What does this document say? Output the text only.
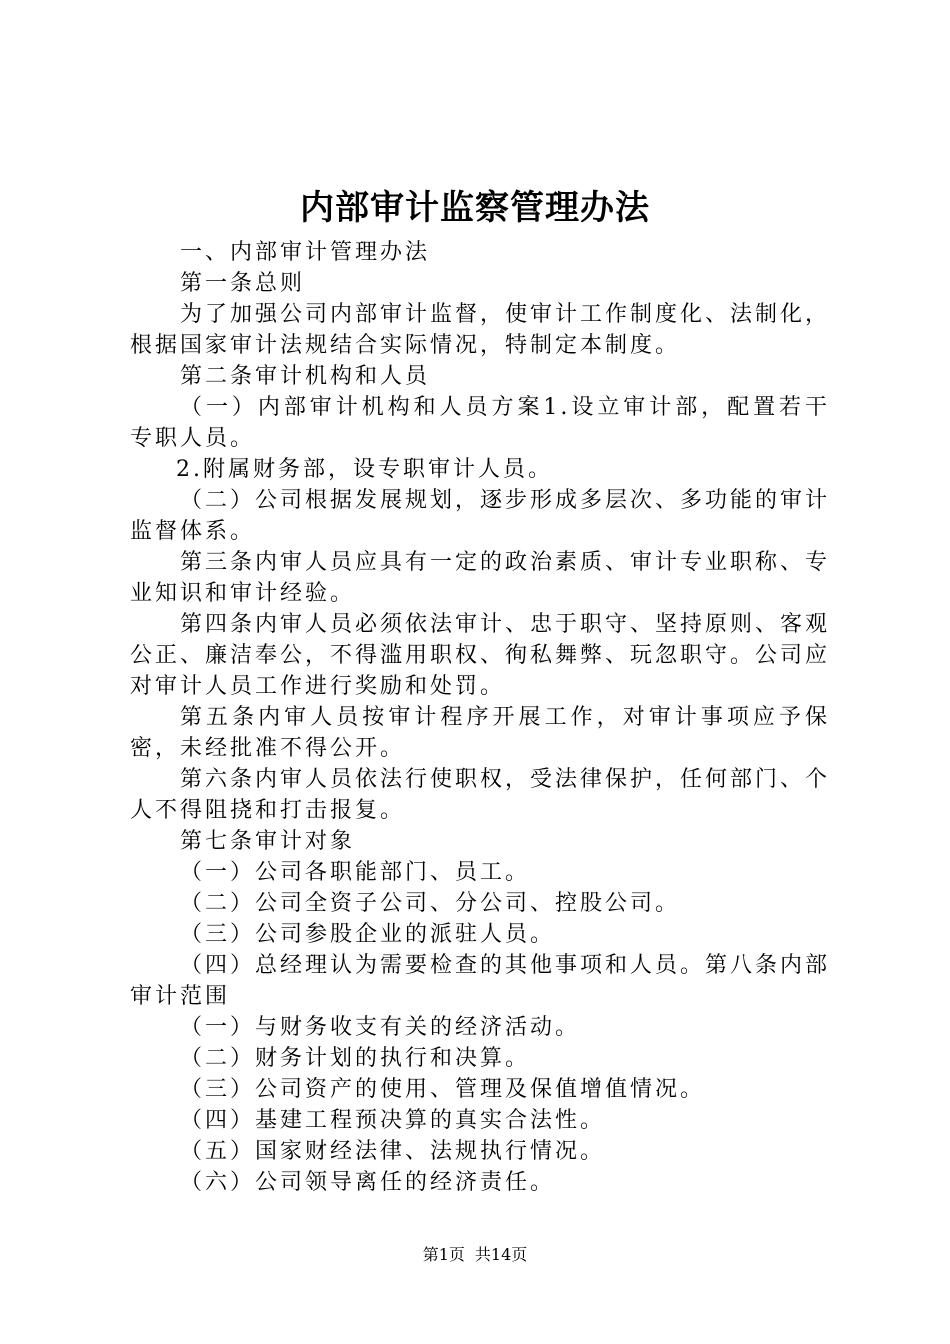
内部审计监察管理办法

一、内部审计管理办法

第一条总则

为了加强公司内部审计监督，使审计工作制度化、法制化，根据国家审计法规结合实际情况，特制定本制度。

第二条审计机构和人员

（一）内部审计机构和人员方案1.设立审计部，配置若干专职人员。

2.附属财务部，设专职审计人员。

（二）公司根据发展规划，逐步形成多层次、多功能的审计监督体系。

第三条内审人员应具有一定的政治素质、审计专业职称、专业知识和审计经验。

第四条内审人员必须依法审计、忠于职守、坚持原则、客观公正、廉洁奉公，不得滥用职权、徇私舞弊、玩忽职守。公司应对审计人员工作进行奖励和处罚。

第五条内审人员按审计程序开展工作，对审计事项应予保密，未经批准不得公开。

第六条内审人员依法行使职权，受法律保护，任何部门、个人不得阻挠和打击报复。

第七条审计对象

（一）公司各职能部门、员工。

（二）公司全资子公司、分公司、控股公司。

（三）公司参股企业的派驻人员。

（四）总经理认为需要检查的其他事项和人员。第八条内部审计范围

（一）与财务收支有关的经济活动。

（二）财务计划的执行和决算。

（三）公司资产的使用、管理及保值增值情况。

（四）基建工程预决算的真实合法性。

（五）国家财经法律、法规执行情况。

（六）公司领导离任的经济责任。

第1页 共14页
